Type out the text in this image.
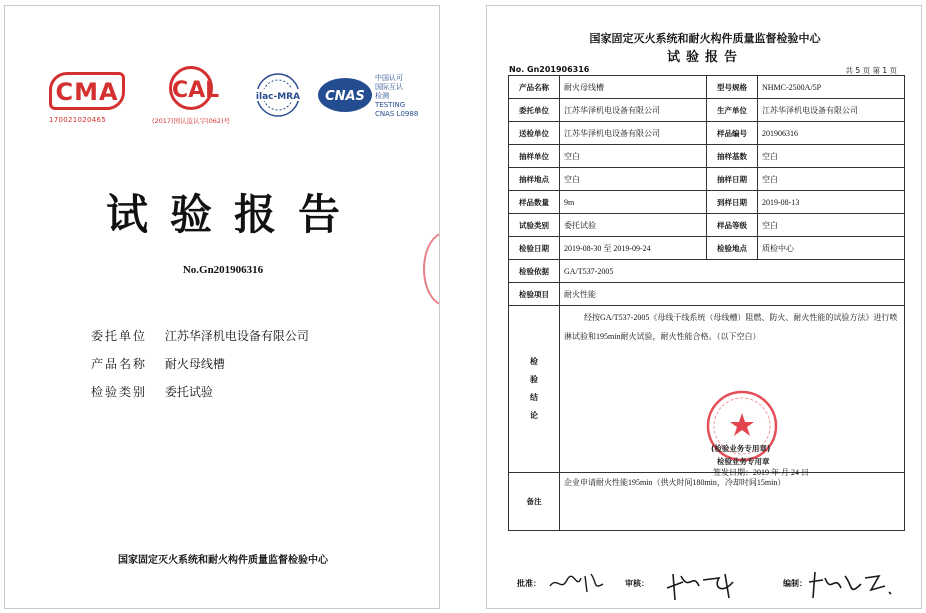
CMA
170021020465
CAL
(2017)国认监认字(062)号
ilac-MRA CNAS
中国认可
国际互认
检测
TESTING
CNAS L0988
试验报告
No.Gn201906316
委托单位 江苏华泽机电设备有限公司
产品名称 耐火母线槽
检验类别 委托试验
国家固定灭火系统和耐火构件质量监督检验中心
国家固定灭火系统和耐火构件质量监督检验中心
试验报告
No. Gn201906316	共 5 页 第 1 页
产品名称	耐火母线槽	型号规格	NHMC-2500A/5P
委托单位	江苏华泽机电设备有限公司	生产单位	江苏华泽机电设备有限公司
送检单位	江苏华泽机电设备有限公司	样品编号	201906316
抽样单位	空白	抽样基数	空白
抽样地点	空白	抽样日期	空白
样品数量	9m	到样日期	2019-08-13
试验类别	委托试验	样品等级	空白
检验日期	2019-08-30 至 2019-09-24	检验地点	质检中心
检验依据	GA/T537-2005		
检验项目	耐火性能		

检
验
结
论	经按GA/T537-2005《母线干线系统（母线槽）阻燃、防火、耐火性能的试验方法》进行喷淋试验和195min耐火试验，耐火性能合格。（以下空白）		

备注	企业申请耐火性能195min（供火时间180min，冷却时间15min）		
(检验业务专用章)
检验业务专用章
签发日期：2019 年 月 24 日
批准：	审核：	编制：
